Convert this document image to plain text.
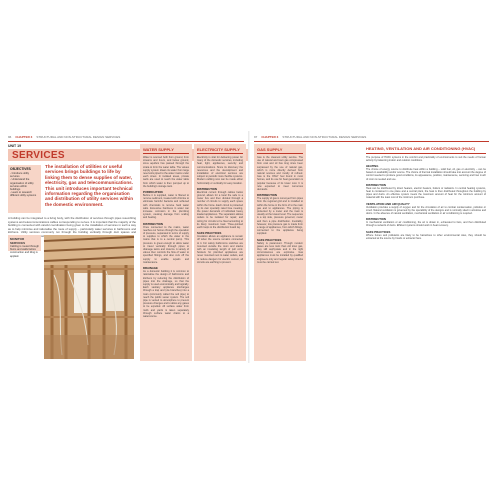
96 CHAPTER 3 STRUCTURAL AND NON-STRUCTURAL DESIGN SERVICES
UNIT 19
SERVICES
OBJECTIVES
- Introduce utility
services
- Understand the
organisation of utility
services within
buildings
- Learn to research
different utility systems
The installation of utilities or useful services brings buildings to life by linking them to dense supplies of water, electricity, gas and telecommunications. This unit introduces important technical information regarding the organisation and distribution of utility services within the domestic environment.
A building can be integrated to a living body, with the distribution of services through pipes resembling systems and telecommunications cables corresponding to nerves. It is important that the majority of the building is connected with careful coordination being given to the installation of services in such a way as to help minimise and rationalise the route of supply – particularly water services in bathrooms and kitchens. Utility services commonly run through the building vertically through duct spaces and
MONITOR SERVICES
Cabling is routed through floors and walls before construction and tiling is applied.
WATER SUPPLY
Water is sourced both from ground, from streams and rivers, and below ground, since aquifers has passed through the strata to form the water table. The values supply system draws its water from large reservoirs piped to the water mains under each street. In isolated areas, private wells are used to reach the water table from which water is then pumped up to the building's storage tank.
PURIFICATION
Before it is supplied, water is filtered to remove sediment, treated with chlorine to eliminate harmful bacteria and softened with chemicals to remove hard water salts. Excessive hardness in water can increase corrosion in the plumbing system, causing damage from scaling and heating.
DISTRIBUTION
Once connected to the mains, water reaches our homes through the operation of pressure, separated in terms of supply to supplies to which the water in the mains that is to a central pump. This pressure is great enough to allow water to travel vertically through pipes to drainage tanks and cisterns. A variety of valves then controls the flow of water to specified fittings, and also cuts off the supply to enable repairs and maintenance.
DRAINAGE
As a domestic building it is common to rationalise the design of bathrooms and kitchens by reducing the distribution of pipes into the drainage, so that the supply is used economically and logically. Each sanitary appliance discharges through a trap and (via branches) into a main (commonly called the soil pipe) to reach the public sewer system. The soil pipe is vented to atmosphere to prevent pressure changes and to allow any gases to be expelled. All surface water from roofs and yards is taken separately through surface water drains to a watercourse.
ELECTRICITY SUPPLY
Electricity is vital for delivering power for many of the domestic services, including heat, light, appliances, security and communications. Since its discovery the resources and the development and installation of electrical services are subject to periodic more flexible systems. Modern cabling now can be made either horizontally or vertically for easy location.
DISTRIBUTION
Electrical current through cables below ground, allows for a local fire safe to a meter box and then divided through a number of circuits to supply each space within the home. Each circuit is protected by its own specially rated fuse meeting, the power demands of individual heavy loaded appliances. The separation allows outlets to be isolated for repair, and wiring for circuits to be fixed according to its likely maximum load. Three-pointed earth loops to the distribution board lay.
SAFE PRACTICES
Insulation allows an appliance to remain off when the source remains connected to it. For safety bathrooms switches are mounted outside the room and stacks with an insulating length of pull cord. Sockets for plumbed appliances are never mounted next to water outlets, and to reduce dangers for electric current, all circuits are earthing to prevent.
97 CHAPTER 3 STRUCTURAL AND NON-STRUCTURAL DESIGN SERVICES
GAS SUPPLY
Gas is the cleanest utility service. The use of natural and town gas compressed from coal and oil has long since been surpassed by the use of natural gas, which is more directly derived from natural sources and mostly of refined. Gas is the ONLY fuel found in most homes, and its use for heat generation is popular because of its lower cost. It is now expected to meet numerous demands.
DISTRIBUTION
The supply of gas is conveyed from pipes from the regional grid and is installed to within the home in the form of to the main gas and to appliances. The piping is protected by a meter and the main is usually at the lowest level. The sequence is a top side, pressure governor, meter and then a pipe distribution. Inevitably, however, low pressure gas is made from a range of appliances, from which fittings, connected to the appliance being supplied.
SAFE PRACTICES
Safety is paramount. Though modern gases are less toxic than old town gas, they still asphyxiate and in the right circumstances are explosive. Gas appliances must be installed by qualified engineers only and regular safety checks must be carried out.
HEATING, VENTILATION AND AIR CONDITIONING (HVAC)
The purpose of HVAC systems in the comfort and practicality of environments to suit the needs of human activity by balancing indoor and outdoor conditions.
HEATING
The choice of energy source to distribute heat within a building – solid fuel, oil, gas or electricity – can be based on availability and/or source. The choice of thermal installation should take into account the degree of control needed to produce good conditions, its appearance, position, maintenance, servicing and how much of room is needed and use.
DISTRIBUTION
Heat can be distributed by direct heaters, electric heaters, boilers or radiators. In central heating systems, heat is contained in one place and a central plant, the heat is then distributed throughout the building by pipes and ducts. An effective system meets the maximum amount of heat for the minimum amount of material with the least cost of the minimum purchase.
VENTILATION AND AIR QUALITY
Ventilation provides a supply of oxygen and for the circulation of air to combat condensation, pollution or smell. Natural ventilation is governed by the operability of the designs and is normally sited in windows and doors. In the absence of natural ventilation, mechanical ventilation or air conditioning is required.
DISTRIBUTION
In mechanical ventilation or air conditioning, the air is drawn in, exhausted to fans, and then distributed through a network of ducts. Efficient systems should work in heat recovery.
SAFE PRACTICES
Where fumes and pollutants are likely to be hazardous to other environmental sites, they should be extracted at the source by hoods or extractor fans.
